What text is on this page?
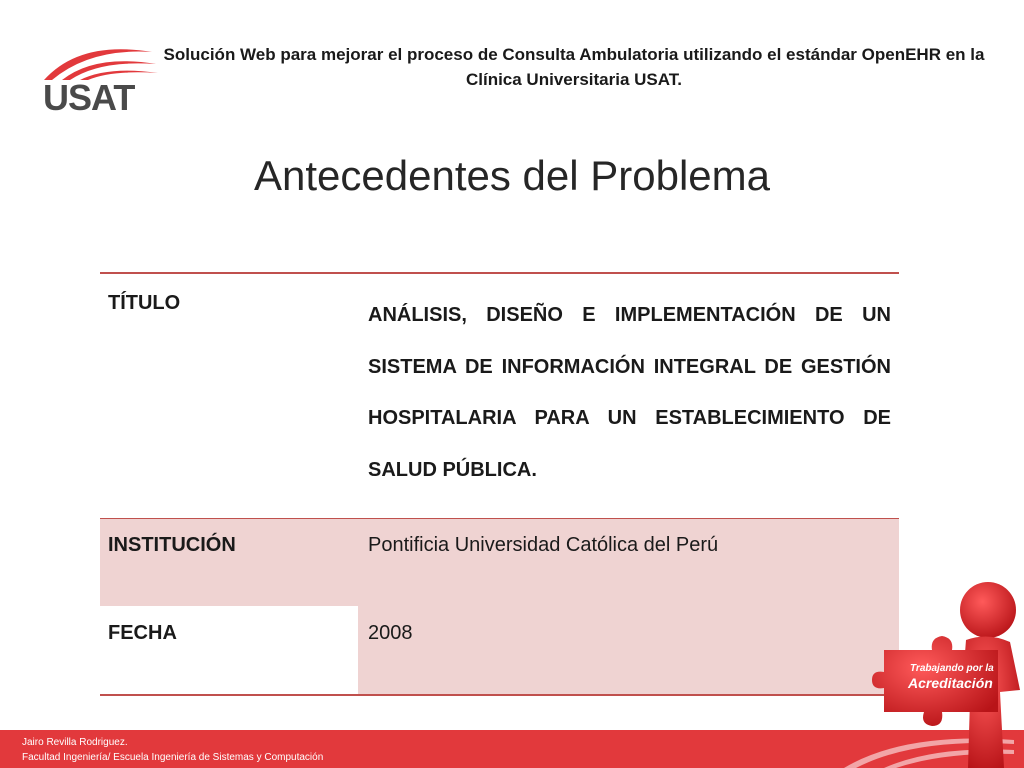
USAT
Solución Web para mejorar el proceso de Consulta Ambulatoria utilizando el estándar OpenEHR en la Clínica Universitaria USAT.
Antecedentes del Problema
TÍTULO	ANÁLISIS, DISEÑO E IMPLEMENTACIÓN DE UN SISTEMA DE INFORMACIÓN INTEGRAL DE GESTIÓN HOSPITALARIA PARA UN ESTABLECIMIENTO DE SALUD PÚBLICA.
INSTITUCIÓN	Pontificia Universidad Católica del Perú
FECHA	2008
Jairo Revilla Rodriguez.
Facultad Ingeniería/ Escuela Ingeniería de Sistemas y Computación
Trabajando por la
Acreditación
